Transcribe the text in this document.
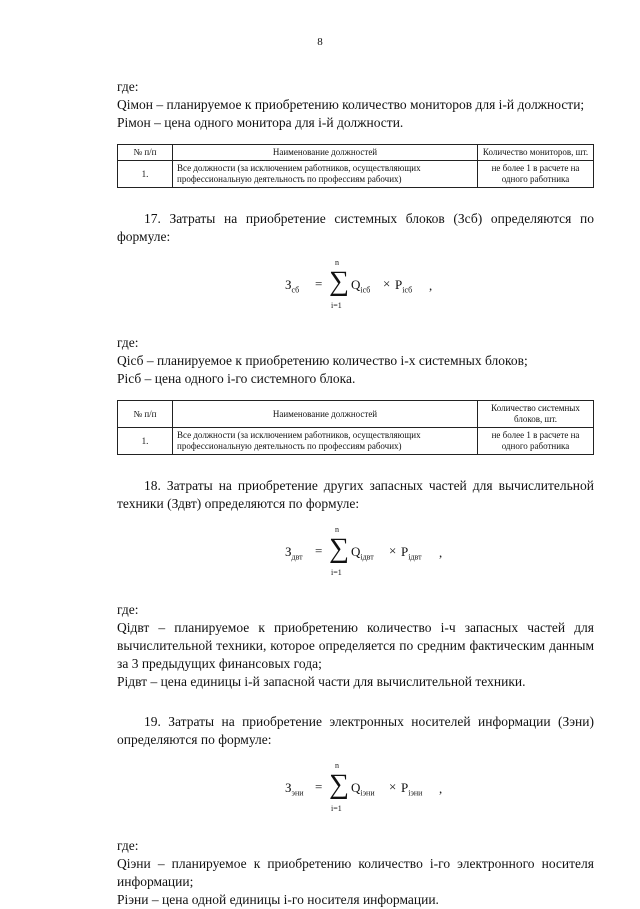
8

где:

Qiмон – планируемое к приобретению количество мониторов для i-й должности;

Рiмон – цена одного монитора для i-й должности.

№ п/п	Наименование должностей	Количество мониторов, шт.
1.	Все должности (за исключением работников, осуществляющих профессиональную деятельность по профессиям рабочих)	не более 1 в расчете на одного работника

17. Затраты на приобретение системных блоков (Зсб) определяются по формуле:

$З_{сб}$ =
n
∑
i=1
$Q_{iсб} \times P_{iсб}$ ,

где:

Qiсб – планируемое к приобретению количество i-х системных блоков;

Рiсб – цена одного i-го системного блока.

№ п/п	Наименование должностей	Количество системных блоков, шт.
1.	Все должности (за исключением работников, осуществляющих профессиональную деятельность по профессиям рабочих)	не более 1 в расчете на одного работника

18. Затраты на приобретение других запасных частей для вычислительной техники (Здвт) определяются по формуле:

$З_{двт}$ =
n
∑
i=1
$Q_{iдвт} \times P_{iдвт}$ ,

где:

Qiдвт – планируемое к приобретению количество i-ч запасных частей для вычислительной техники, которое определяется по средним фактическим данным за 3 предыдущих финансовых года;

Рiдвт – цена единицы i-й запасной части для вычислительной техники.

19. Затраты на приобретение электронных носителей информации (Зэни) определяются по формуле:

$З_{эни}$ =
n
∑
i=1
$Q_{iэни} \times P_{iэни}$ ,

где:

Qiэни – планируемое к приобретению количество i-го электронного носителя информации;

Рiэни – цена одной единицы i-го носителя информации.
